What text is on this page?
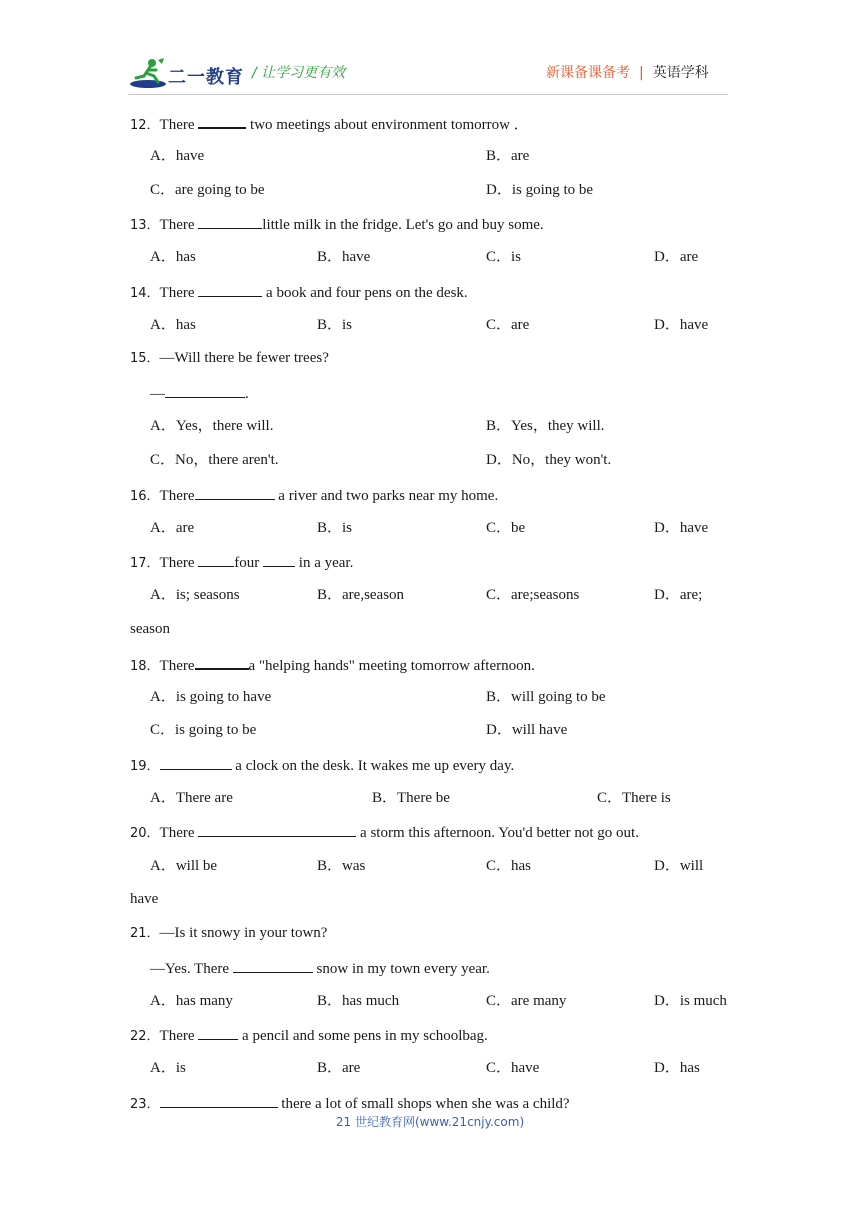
二一教育 / 让学习更有效	新课备课备考 | 英语学科
12．There	two meetings about environment tomorrow ．
A．have	B．are
C．are going to be	D．is going to be
13．There	little milk in the fridge. Let's go and buy some.
A．has	B．have	C．is	D．are
14．There	a book and four pens on the desk.
A．has	B．is	C．are	D．have
15．—Will there be fewer trees?
—	.
A．Yes，there will.	B．Yes，they will.
C．No，there aren't.	D．No，they won't.
16．There	a river and two parks near my home.
A．are	B．is	C．be	D．have
17．There four  in a year.
A．is; seasons	B．are,season	C．are;seasons	D．are;
season
18．There	a "helping hands" meeting tomorrow afternoon.
A．is going to have	B．will going to be
C．is going to be	D．will have
19．	a clock on the desk. It wakes me up every day.
A．There are	B．There be	C．There is
20．There	a storm this afternoon. You'd better not go out.
A．will be	B．was	C．has	D．will
have
21．—Is it snowy in your town?
—Yes. There	snow in my town every year.
A．has many	B．has much	C．are many	D．is much
22．There	a pencil and some pens in my schoolbag.
A．is	B．are	C．have	D．has
23．	there a lot of small shops when she was a child?
21 世纪教育网(www.21cnjy.com)
